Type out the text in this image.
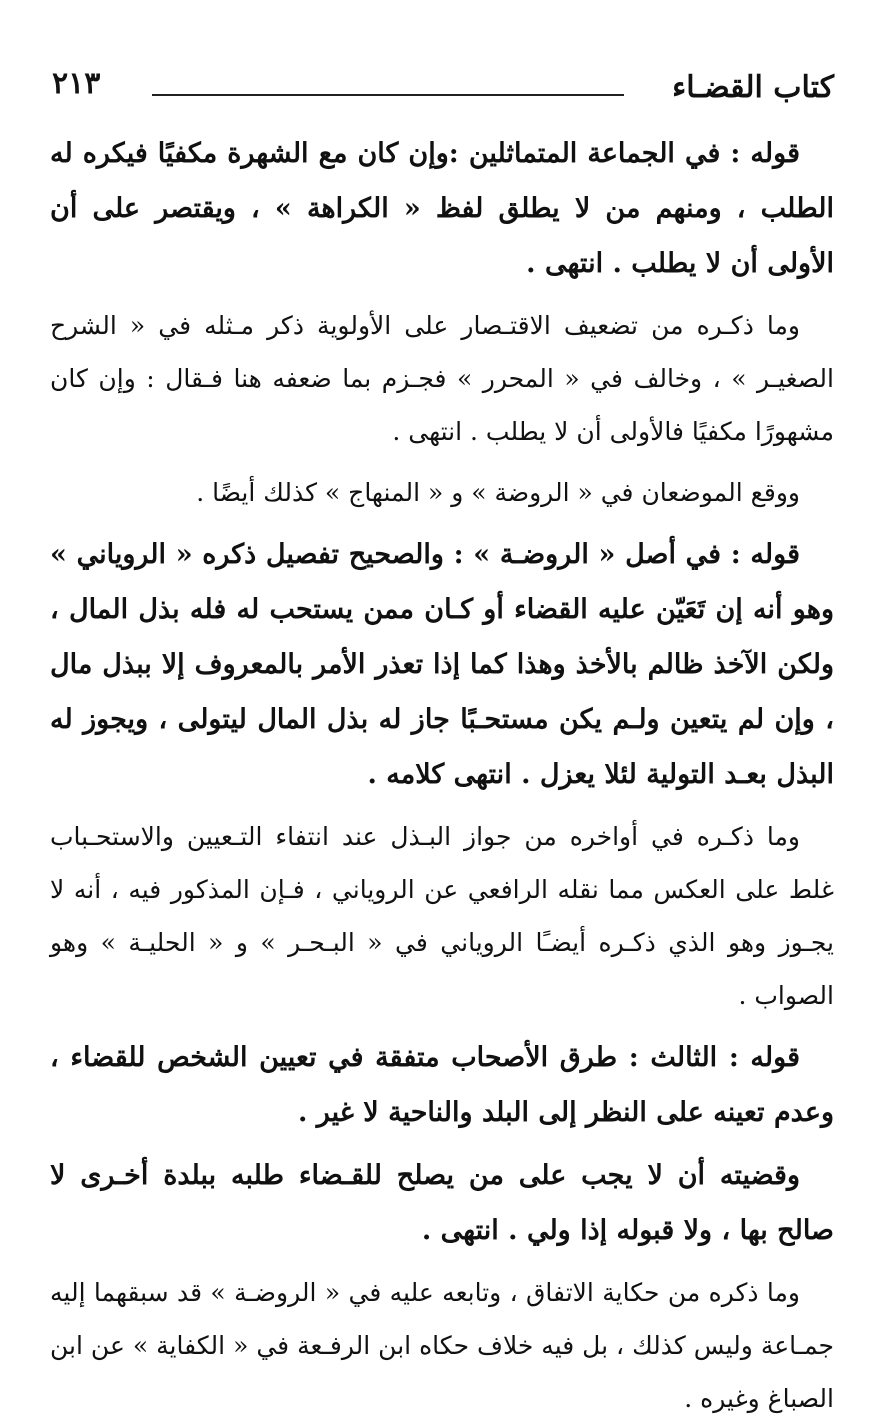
كتاب القضـاء
٢١٣

قوله : في الجماعة المتماثلين :وإن كان مع الشهرة مكفيًا فيكره له الطلب ، ومنهم من لا يطلق لفظ « الكراهة » ، ويقتصر على أن الأولى أن لا يطلب . انتهى .

وما ذكـره من تضعيف الاقتـصار على الأولوية ذكر مـثله في « الشرح الصغيـر » ، وخالف في « المحرر » فجـزم بما ضعفه هنا فـقال : وإن كان مشهورًا مكفيًا فالأولى أن لا يطلب . انتهى .

ووقع الموضعان في « الروضة » و « المنهاج » كذلك أيضًا .

قوله : في أصل « الروضـة » : والصحيح تفصيل ذكره « الروياني » وهو أنه إن تَعَيّن عليه القضاء أو كـان ممن يستحب له فله بذل المال ، ولكن الآخذ ظالم بالأخذ وهذا كما إذا تعذر الأمر بالمعروف إلا ببذل مال ، وإن لم يتعين ولـم يكن مستحـبًا جاز له بذل المال ليتولى ، ويجوز له البذل بعـد التولية لئلا يعزل . انتهى كلامه .

وما ذكـره في أواخره من جواز البـذل عند انتفاء التـعيين والاستحـباب غلط على العكس مما نقله الرافعي عن الروياني ، فـإن المذكور فيه ، أنه لا يجـوز وهو الذي ذكـره أيضـًا الروياني في « البـحـر » و « الحليـة » وهو الصواب .

قوله : الثالث : طرق الأصحاب متفقة في تعيين الشخص للقضاء ، وعدم تعينه على النظر إلى البلد والناحية لا غير .

وقضيته أن لا يجب على من يصلح للقـضاء طلبه ببلدة أخـرى لا صالح بها ، ولا قبوله إذا ولي . انتهى .

وما ذكره من حكاية الاتفاق ، وتابعه عليه في « الروضـة » قد سبقهما إليه جمـاعة وليس كذلك ، بل فيه خلاف حكاه ابن الرفـعة في « الكفاية » عن ابن الصباغ وغيره .
